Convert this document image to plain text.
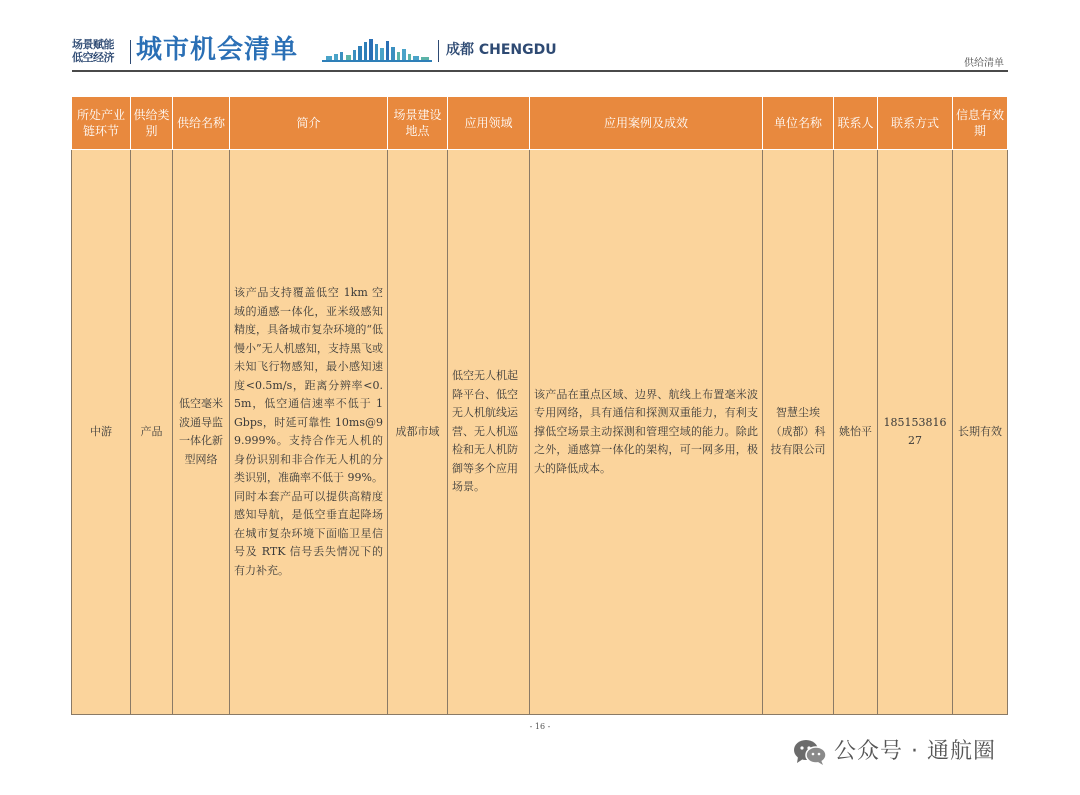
场景赋能
低空经济 城市机会清单	成都 CHENGDU
供给清单
所处产业链环节	供给类别	供给名称	简介	场景建设地点	应用领域	应用案例及成效	单位名称	联系人	联系方式	信息有效期
中游	产品	低空毫米波通导监一体化新型网络	该产品支持覆盖低空 1km 空域的通感一体化，亚米级感知精度，具备城市复杂环境的“低慢小”无人机感知，支持黑飞或未知飞行物感知，最小感知速度<0.5m/s，距离分辨率<0.5m，低空通信速率不低于 1 Gbps，时延可靠性 10ms@99.999%。支持合作无人机的身份识别和非合作无人机的分类识别，准确率不低于 99%。同时本套产品可以提供高精度感知导航，是低空垂直起降场在城市复杂环境下面临卫星信号及 RTK 信号丢失情况下的有力补充。	成都市域	低空无人机起降平台、低空无人机航线运营、无人机巡检和无人机防御等多个应用场景。	该产品在重点区域、边界、航线上布置毫米波专用网络，具有通信和探测双重能力，有利支撑低空场景主动探测和管理空域的能力。除此之外，通感算一体化的架构，可一网多用，极大的降低成本。	智慧尘埃（成都）科技有限公司	姚怡平	18515381627	长期有效
- 16 -
公众号 · 通航圈
